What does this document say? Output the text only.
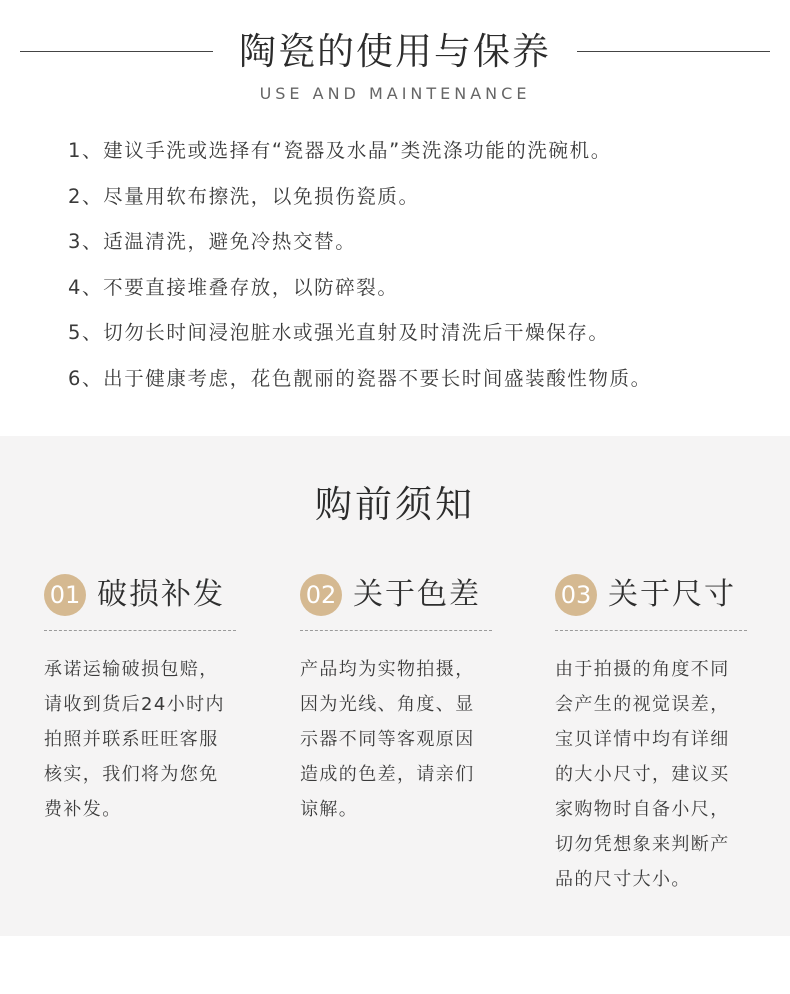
陶瓷的使用与保养
USE AND MAINTENANCE
1、建议手洗或选择有“瓷器及水晶”类洗涤功能的洗碗机。
2、尽量用软布擦洗，以免损伤瓷质。
3、适温清洗，避免冷热交替。
4、不要直接堆叠存放，以防碎裂。
5、切勿长时间浸泡脏水或强光直射及时清洗后干燥保存。
6、出于健康考虑，花色靓丽的瓷器不要长时间盛装酸性物质。
购前须知
01 破损补发
承诺运输破损包赔，
请收到货后24小时内
拍照并联系旺旺客服
核实，我们将为您免
费补发。
02 关于色差
产品均为实物拍摄，
因为光线、角度、显
示器不同等客观原因
造成的色差，请亲们
谅解。
03 关于尺寸
由于拍摄的角度不同
会产生的视觉误差，
宝贝详情中均有详细
的大小尺寸，建议买
家购物时自备小尺，
切勿凭想象来判断产
品的尺寸大小。
